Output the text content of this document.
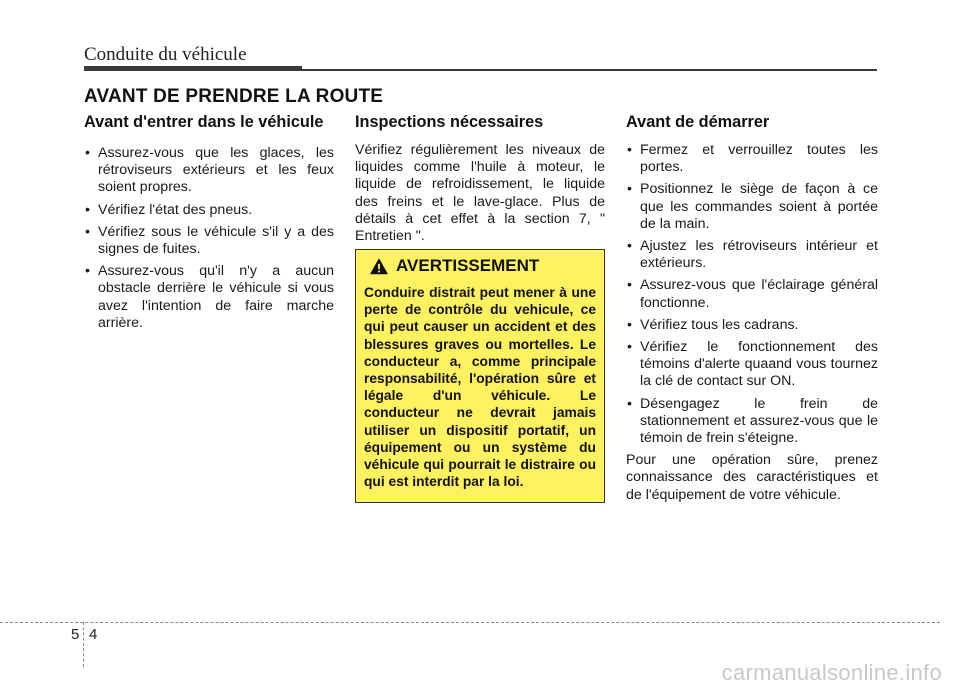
Conduite du véhicule
AVANT DE PRENDRE LA ROUTE
Avant d'entrer dans le véhicule
• Assurez-vous que les glaces, les rétroviseurs extérieurs et les feux soient propres.
• Vérifiez l'état des pneus.
• Vérifiez sous le véhicule s'il y a des signes de fuites.
• Assurez-vous qu'il n'y a aucun obstacle derrière le véhicule si vous avez l'intention de faire marche arrière.
Inspections nécessaires

Vérifiez régulièrement les niveaux de liquides comme l'huile à moteur, le liquide de refroidissement, le liquide des freins et le lave-glace. Plus de détails à cet effet à la section 7, " Entretien ".

AVERTISSEMENT
Conduire distrait peut mener à une perte de contrôle du vehicule, ce qui peut causer un accident et des blessures graves ou mortelles. Le conducteur a, comme principale responsabilité, l'opération sûre et légale d'un véhicule. Le conducteur ne devrait jamais utiliser un dispositif portatif, un équipement ou un système du véhicule qui pourrait le distraire ou qui est interdit par la loi.
Avant de démarrer
• Fermez et verrouillez toutes les portes.
• Positionnez le siège de façon à ce que les commandes soient à portée de la main.
• Ajustez les rétroviseurs intérieur et extérieurs.
• Assurez-vous que l'éclairage général fonctionne.
• Vérifiez tous les cadrans.
• Vérifiez le fonctionnement des témoins d'alerte quaand vous tournez la clé de contact sur ON.
• Désengagez le frein de stationnement et assurez-vous que le témoin de frein s'éteigne.

Pour une opération sûre, prenez connaissance des caractéristiques et de l'équipement de votre véhicule.

5 4
carmanualsonline.info
